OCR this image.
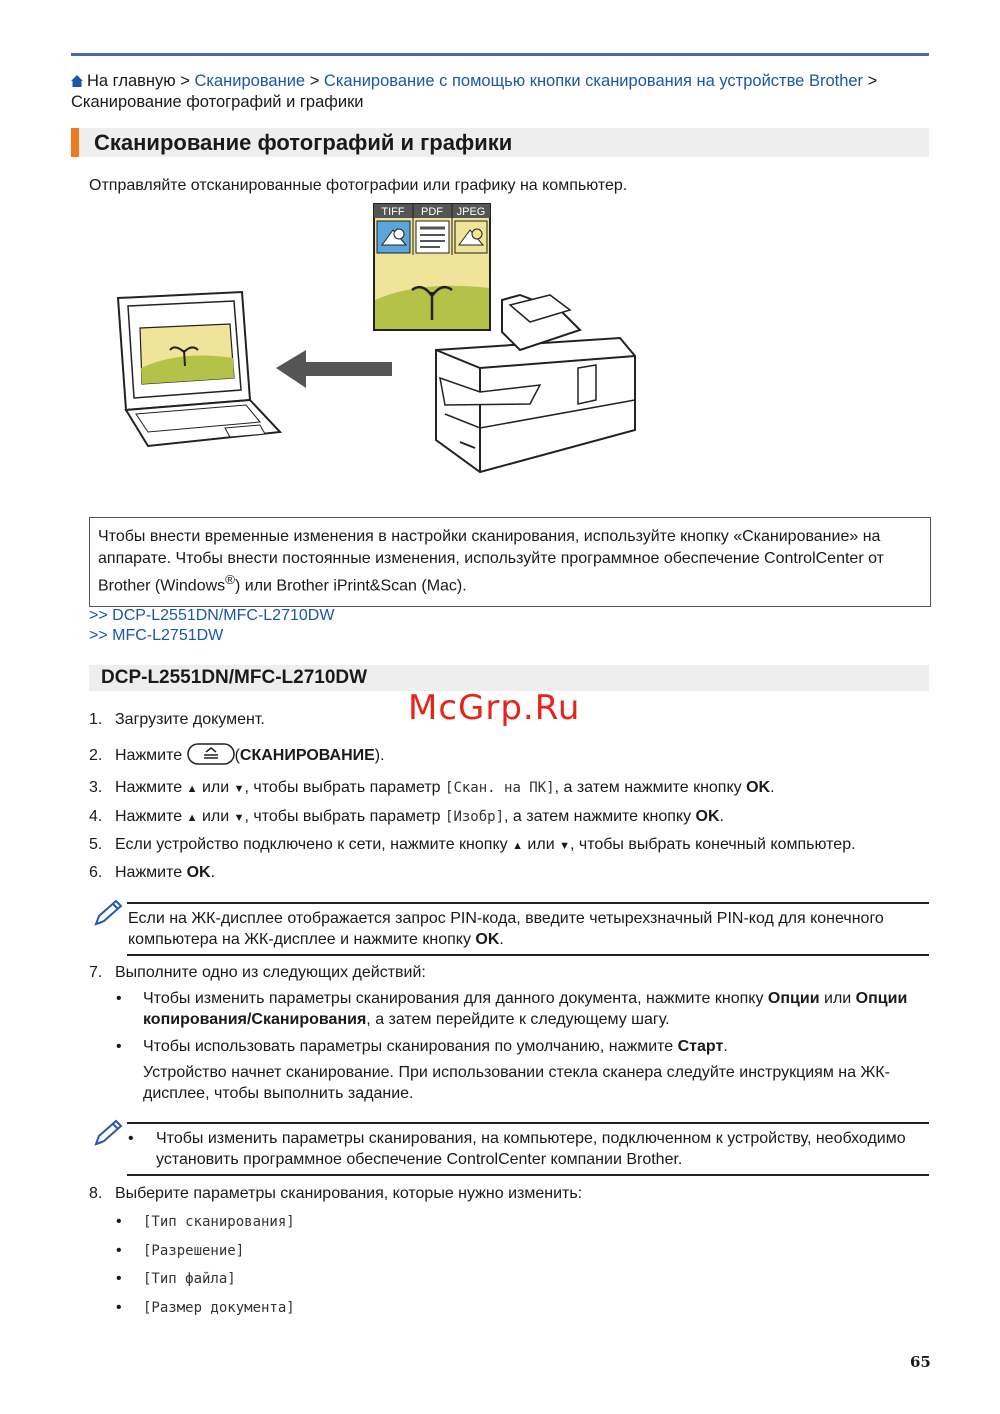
На главную > Сканирование > Сканирование с помощью кнопки сканирования на устройстве Brother > Сканирование фотографий и графики
Сканирование фотографий и графики
Отправляйте отсканированные фотографии или графику на компьютер.
TIFF PDF JPEG
Чтобы внести временные изменения в настройки сканирования, используйте кнопку «Сканирование» на аппарате. Чтобы внести постоянные изменения, используйте программное обеспечение ControlCenter от Brother (Windows®) или Brother iPrint&Scan (Mac).
>> DCP-L2551DN/MFC-L2710DW
>> MFC-L2751DW
DCP-L2551DN/MFC-L2710DW
McGrp.Ru
1. Загрузите документ.
2. Нажмите	(СКАНИРОВАНИЕ).
3. Нажмите ▲ или ▼, чтобы выбрать параметр [Скан. на ПК], а затем нажмите кнопку OK.
4. Нажмите ▲ или ▼, чтобы выбрать параметр [Изобр], а затем нажмите кнопку OK.
5. Если устройство подключено к сети, нажмите кнопку ▲ или ▼, чтобы выбрать конечный компьютер.
6. Нажмите OK.
Если на ЖК-дисплее отображается запрос PIN-кода, введите четырехзначный PIN-код для конечного компьютера на ЖК-дисплее и нажмите кнопку OK.
7. Выполните одно из следующих действий:
• Чтобы изменить параметры сканирования для данного документа, нажмите кнопку Опции или Опции копирования/Сканирования, а затем перейдите к следующему шагу.
• Чтобы использовать параметры сканирования по умолчанию, нажмите Старт.
Устройство начнет сканирование. При использовании стекла сканера следуйте инструкциям на ЖК-дисплее, чтобы выполнить задание.
• Чтобы изменить параметры сканирования, на компьютере, подключенном к устройству, необходимо установить программное обеспечение ControlCenter компании Brother.
8. Выберите параметры сканирования, которые нужно изменить:
• [Тип сканирования]
• [Разрешение]
• [Тип файла]
• [Размер документа]
65
